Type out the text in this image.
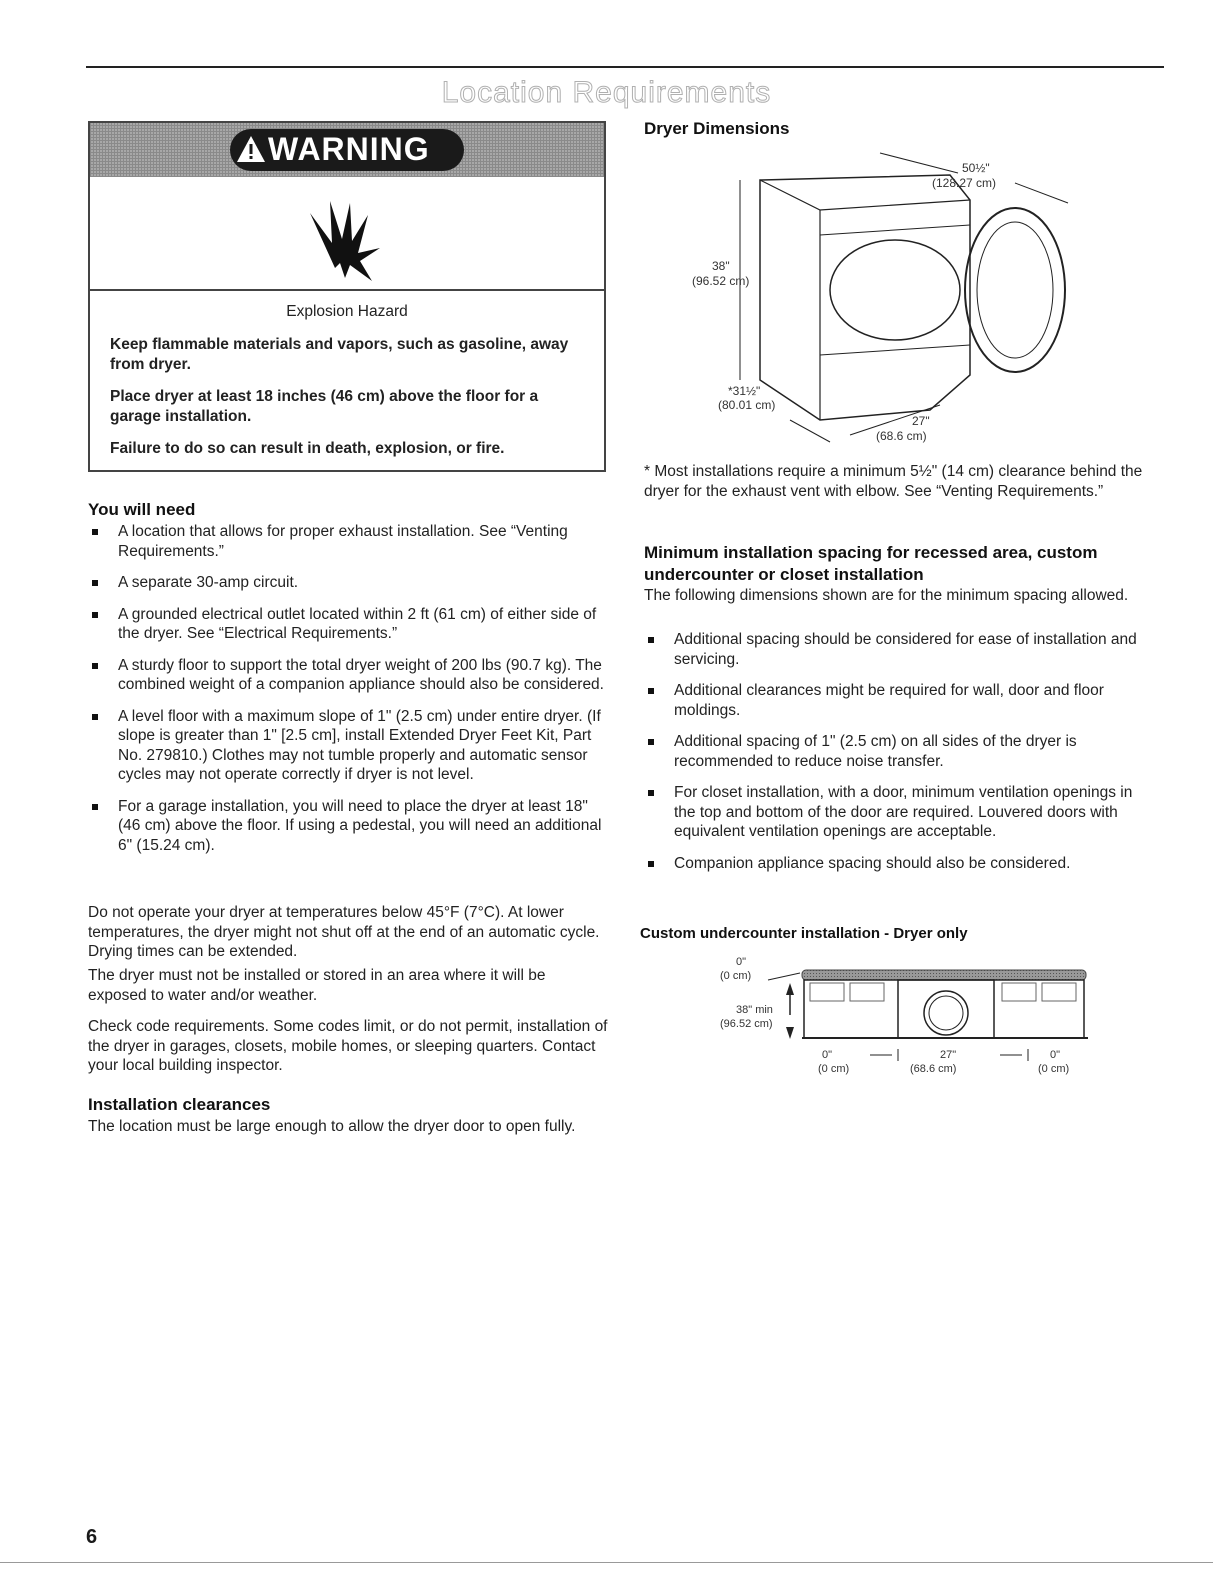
Location Requirements
WARNING
Explosion Hazard
Keep flammable materials and vapors, such as gasoline, away from dryer.
Place dryer at least 18 inches (46 cm) above the floor for a garage installation.
Failure to do so can result in death, explosion, or fire.
You will need
A location that allows for proper exhaust installation. See “Venting Requirements.”
A separate 30-amp circuit.
A grounded electrical outlet located within 2 ft (61 cm) of either side of the dryer. See “Electrical Requirements.”
A sturdy floor to support the total dryer weight of 200 lbs (90.7 kg). The combined weight of a companion appliance should also be considered.
A level floor with a maximum slope of 1" (2.5 cm) under entire dryer. (If slope is greater than 1" [2.5 cm], install Extended Dryer Feet Kit, Part No. 279810.) Clothes may not tumble properly and automatic sensor cycles may not operate correctly if dryer is not level.
For a garage installation, you will need to place the dryer at least 18" (46 cm) above the floor. If using a pedestal, you will need an additional 6" (15.24 cm).

Do not operate your dryer at temperatures below 45°F (7°C). At lower temperatures, the dryer might not shut off at the end of an automatic cycle. Drying times can be extended.

The dryer must not be installed or stored in an area where it will be exposed to water and/or weather.

Check code requirements. Some codes limit, or do not permit, installation of the dryer in garages, closets, mobile homes, or sleeping quarters. Contact your local building inspector.

Installation clearances

The location must be large enough to allow the dryer door to open fully.

Dryer Dimensions
50½"
(128.27 cm)
38"
(96.52 cm)
*31½"
(80.01 cm)
27"
(68.6 cm)

* Most installations require a minimum 5½" (14 cm) clearance behind the dryer for the exhaust vent with elbow. See “Venting Requirements.”

Minimum installation spacing for recessed area, custom undercounter or closet installation

The following dimensions shown are for the minimum spacing allowed.

Additional spacing should be considered for ease of installation and servicing.
Additional clearances might be required for wall, door and floor moldings.
Additional spacing of 1" (2.5 cm) on all sides of the dryer is recommended to reduce noise transfer.
For closet installation, with a door, minimum ventilation openings in the top and bottom of the door are required. Louvered doors with equivalent ventilation openings are acceptable.
Companion appliance spacing should also be considered.
Custom undercounter installation - Dryer only
0"
(0 cm)
38" min
(96.52 cm)
0"
(0 cm)
27"
(68.6 cm)
0"
(0 cm)
6
